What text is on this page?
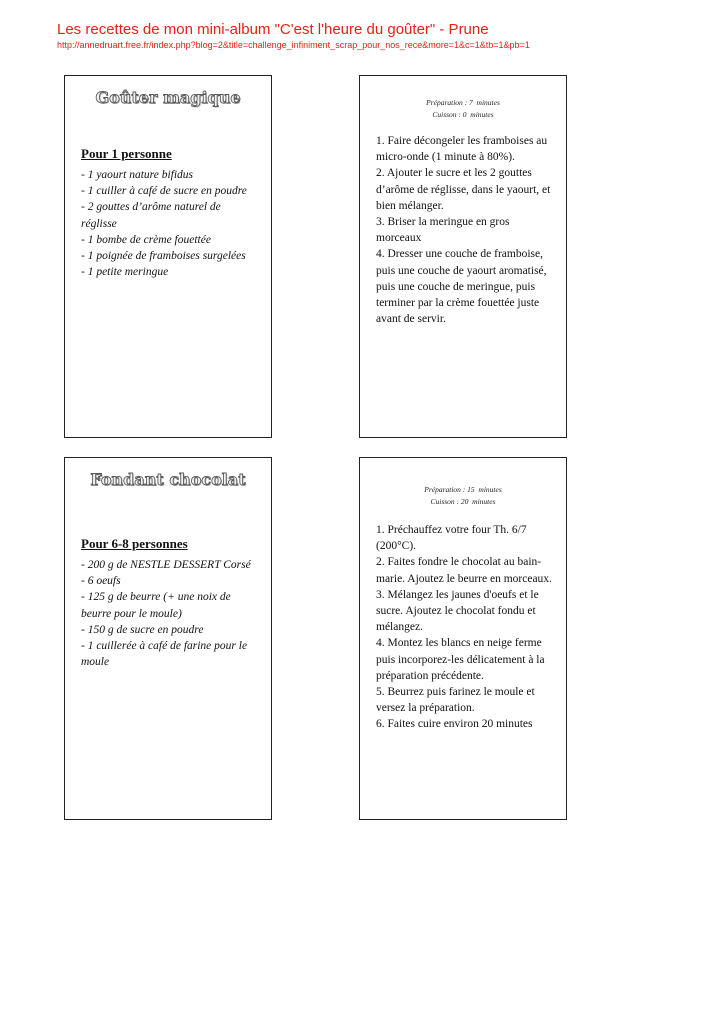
Les recettes de mon mini-album "C'est l'heure du goûter" - Prune
http://annedruart.free.fr/index.php?blog=2&title=challenge_infiniment_scrap_pour_nos_rece&more=1&c=1&tb=1&pb=1
Goûter magique
Pour 1 personne
- 1 yaourt nature bifidus
- 1 cuiller à café de sucre en poudre
- 2 gouttes d’arôme naturel de réglisse
- 1 bombe de crème fouettée
- 1 poignée de framboises surgelées
- 1 petite meringue
Préparation : 7  minutes
Cuisson : 0  minutes
1. Faire décongeler les framboises au micro-onde (1 minute à 80%).
2. Ajouter le sucre et les 2 gouttes d’arôme de réglisse, dans le yaourt, et bien mélanger.
3. Briser la meringue en gros morceaux
4. Dresser une couche de framboise, puis une couche de yaourt aromatisé, puis une couche de meringue, puis terminer par la crème fouettée juste avant de servir.
Fondant chocolat
Pour 6-8 personnes
- 200 g de NESTLE DESSERT Corsé
- 6 oeufs
- 125 g de beurre (+ une noix de beurre pour le moule)
- 150 g de sucre en poudre
- 1 cuillerée à café de farine pour le moule
Préparation : 15  minutes
Cuisson : 20  minutes
1. Préchauffez votre four Th. 6/7 (200°C).
2. Faites fondre le chocolat au bain-marie. Ajoutez le beurre en morceaux.
3. Mélangez les jaunes d'oeufs et le sucre. Ajoutez le chocolat fondu et mélangez.
4. Montez les blancs en neige ferme puis incorporez-les délicatement à la préparation précédente.
5. Beurrez puis farinez le moule et versez la préparation.
6. Faites cuire environ 20 minutes
